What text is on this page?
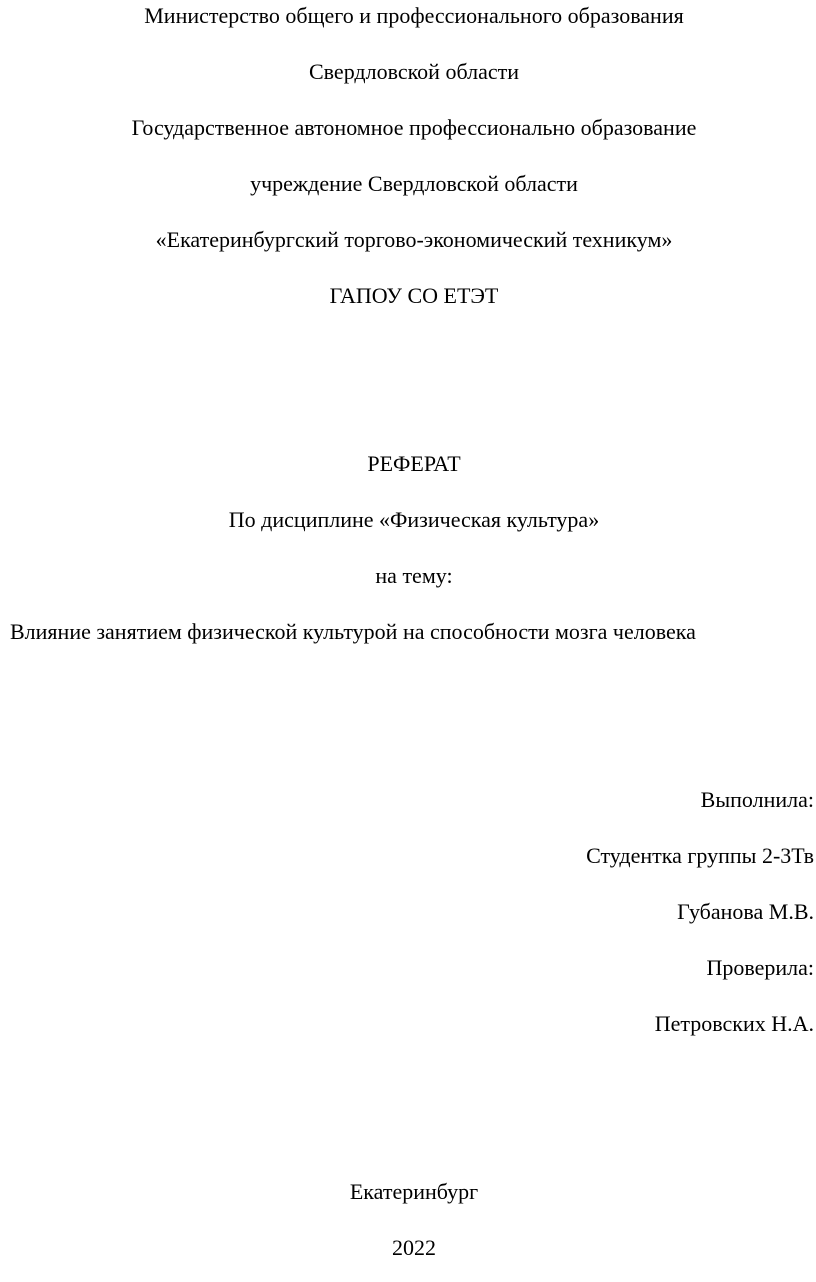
Министерство общего и профессионального образования
Свердловской области
Государственное автономное профессионально образование
учреждение Свердловской области
«Екатеринбургский торгово-экономический техникум»
ГАПОУ СО ЕТЭТ
РЕФЕРАТ
По дисциплине «Физическая культура»
на тему:
Влияние занятием физической культурой на способности мозга человека
Выполнила:
Студентка группы 2-3Тв
Губанова М.В.
Проверила:
Петровских Н.А.
Екатеринбург
2022
